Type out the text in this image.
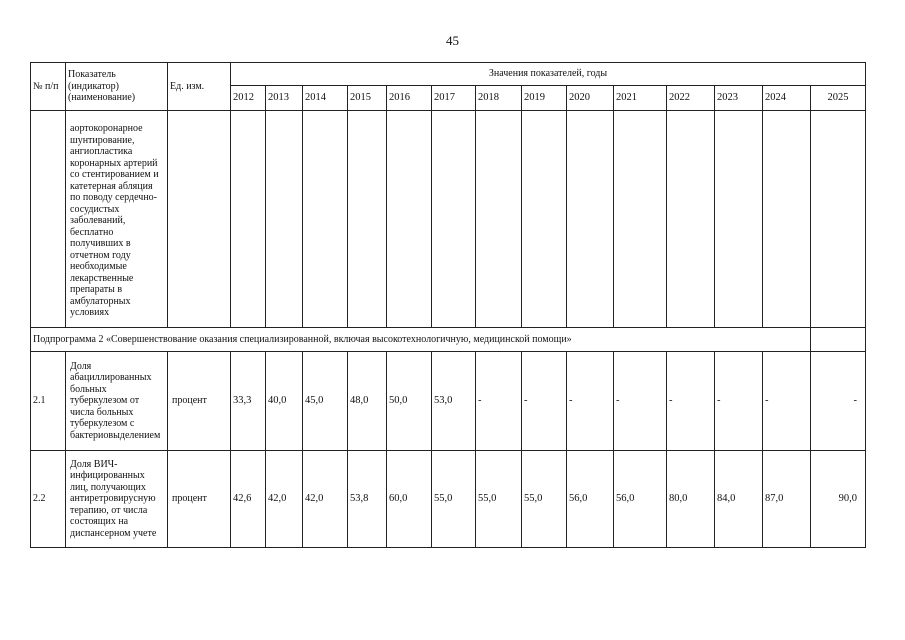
45
№ п/п	Показатель (индикатор) (наименование)	Ед. изм.	Значения показателей, годы													
			2012	2013	2014	2015	2016	2017	2018	2019	2020	2021	2022	2023	2024	2025
	аортокоронарное шунтирование, ангиопластика коронарных артерий со стентированием и катетерная абляция по поводу сердечно-сосудистых заболеваний, бесплатно получивших в отчетном году необходимые лекарственные препараты в амбулаторных условиях															
Подпрограмма 2 «Совершенствование оказания специализированной, включая высокотехнологичную, медицинской помощи»																
2.1	Доля абациллированных больных туберкулезом от числа больных туберкулезом с бактериовыделением	процент	33,3	40,0	45,0	48,0	50,0	53,0	-	-	-	-	-	-	-	-
2.2	Доля ВИЧ-инфицированных лиц, получающих антиретровирусную терапию, от числа состоящих на диспансерном учете	процент	42,6	42,0	42,0	53,8	60,0	55,0	55,0	55,0	56,0	56,0	80,0	84,0	87,0	90,0
